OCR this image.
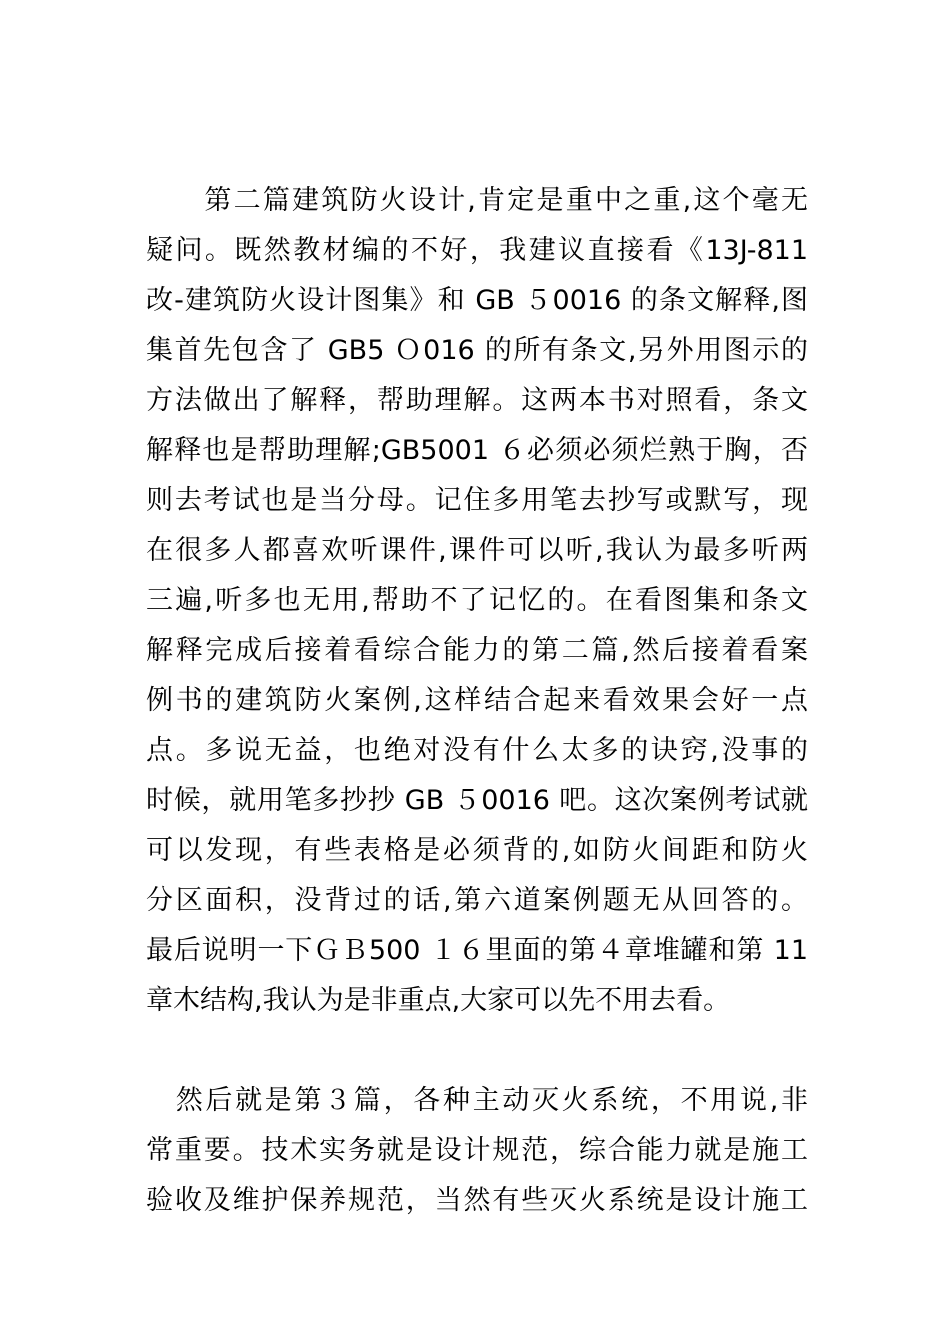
　　第二篇建筑防火设计,肯定是重中之重,这个毫无
疑问。既然教材编的不好，我建议直接看《13J-811
改-建筑防火设计图集》和 GB ５0016 的条文解释,图
集首先包含了 GB5 Ｏ016 的所有条文,另外用图示的
方法做出了解释，帮助理解。这两本书对照看，条文
解释也是帮助理解;GB5001 ６必须必须烂熟于胸，否
则去考试也是当分母。记住多用笔去抄写或默写，现
在很多人都喜欢听课件,课件可以听,我认为最多听两
三遍,听多也无用,帮助不了记忆的。在看图集和条文
解释完成后接着看综合能力的第二篇,然后接着看案
例书的建筑防火案例,这样结合起来看效果会好一点
点。多说无益，也绝对没有什么太多的诀窍,没事的
时候，就用笔多抄抄 GB ５0016 吧。这次案例考试就
可以发现，有些表格是必须背的,如防火间距和防火
分区面积，没背过的话,第六道案例题无从回答的。
最后说明一下ＧＢ500 １６里面的第４章堆罐和第 11
章木结构,我认为是非重点,大家可以先不用去看。
　然后就是第３篇，各种主动灭火系统，不用说,非
常重要。技术实务就是设计规范，综合能力就是施工
验收及维护保养规范，当然有些灭火系统是设计施工
